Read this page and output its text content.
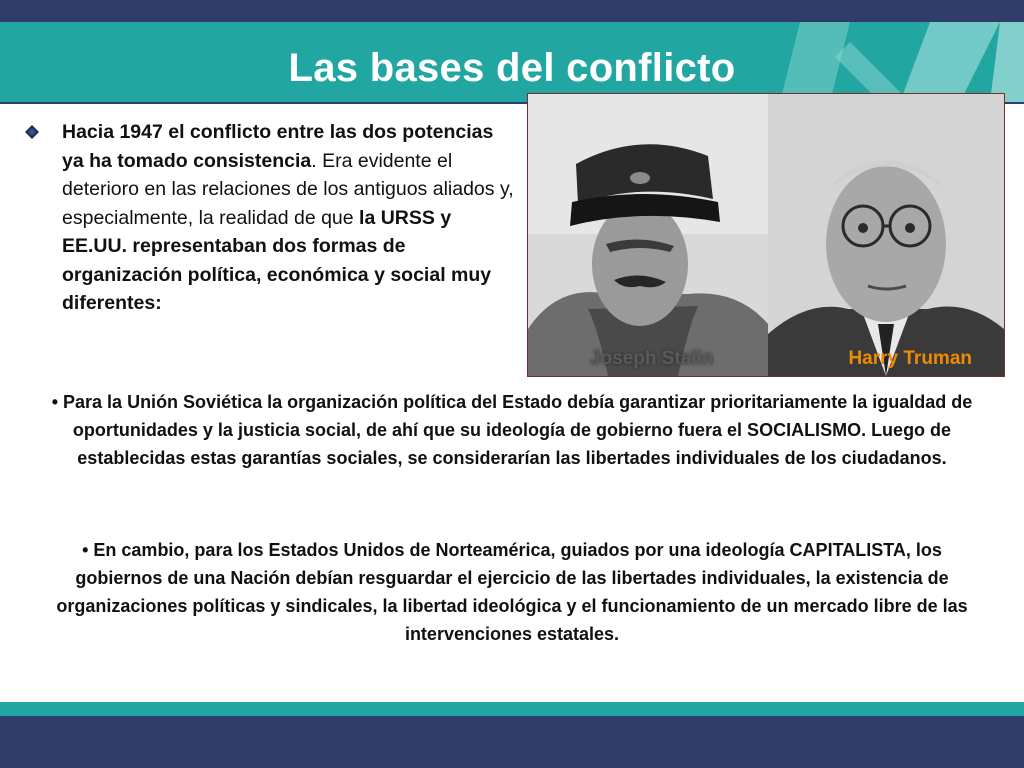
Las bases del conflicto

Hacia 1947 el conflicto entre las dos potencias ya ha tomado consistencia. Era evidente el deterioro en las relaciones de los antiguos aliados y, especialmente, la realidad de que la URSS y EE.UU. representaban dos formas de organización política, económica y social muy diferentes:

Joseph Stalin	Harry Truman

• Para la Unión Soviética la organización política del Estado debía garantizar prioritariamente la igualdad de oportunidades y la justicia social, de ahí que su ideología de gobierno fuera el SOCIALISMO. Luego de establecidas estas garantías sociales, se considerarían las libertades individuales de los ciudadanos.

• En cambio, para los Estados Unidos de Norteamérica, guiados por una ideología CAPITALISTA, los gobiernos de una Nación debían resguardar el ejercicio de las libertades individuales, la existencia de organizaciones políticas y sindicales, la libertad ideológica y el funcionamiento de un mercado libre de las intervenciones estatales.
